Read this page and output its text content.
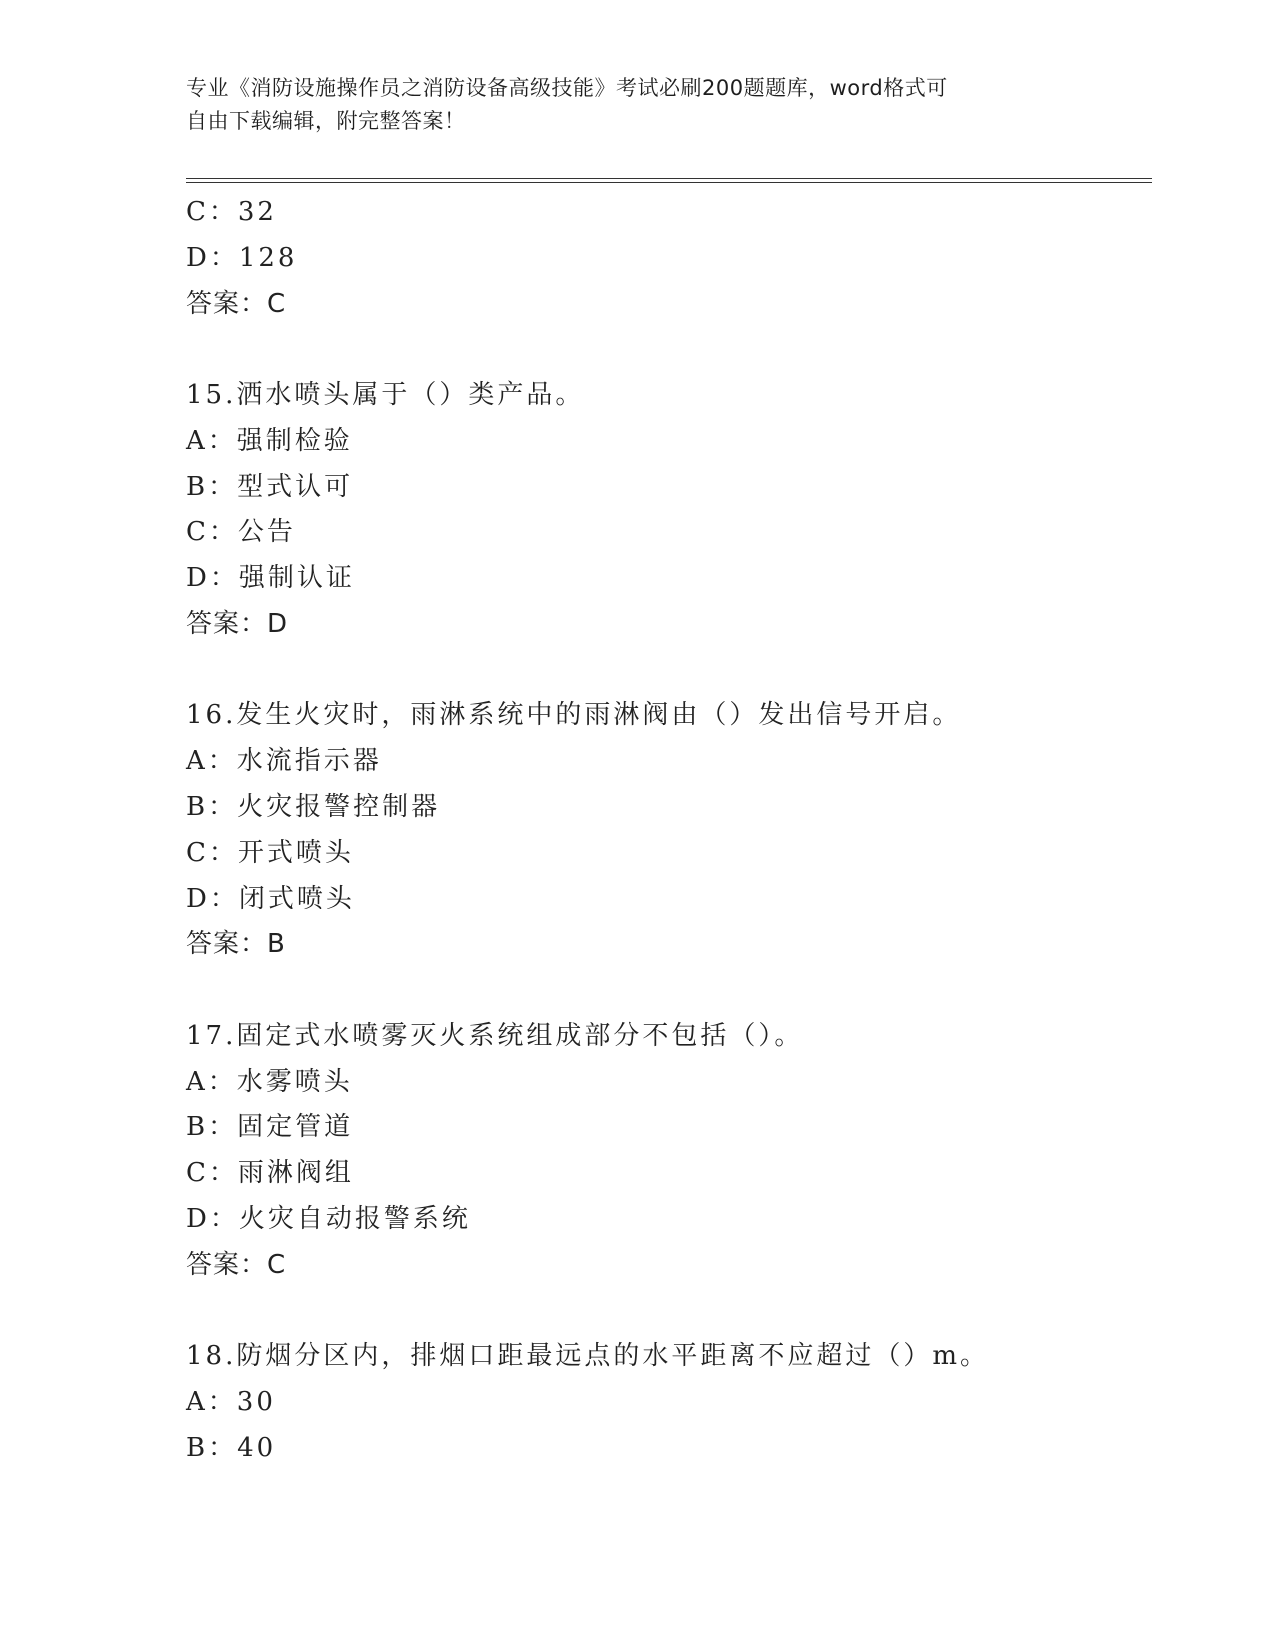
专业《消防设施操作员之消防设备高级技能》考试必刷200题题库，word格式可
自由下载编辑，附完整答案！
C：32
D：128
答案：C
15.洒水喷头属于（）类产品。
A：强制检验
B：型式认可
C：公告
D：强制认证
答案：D
16.发生火灾时，雨淋系统中的雨淋阀由（）发出信号开启。
A：水流指示器
B：火灾报警控制器
C：开式喷头
D：闭式喷头
答案：B
17.固定式水喷雾灭火系统组成部分不包括（）。
A：水雾喷头
B：固定管道
C：雨淋阀组
D：火灾自动报警系统
答案：C
18.防烟分区内，排烟口距最远点的水平距离不应超过（）m。
A：30
B：40
